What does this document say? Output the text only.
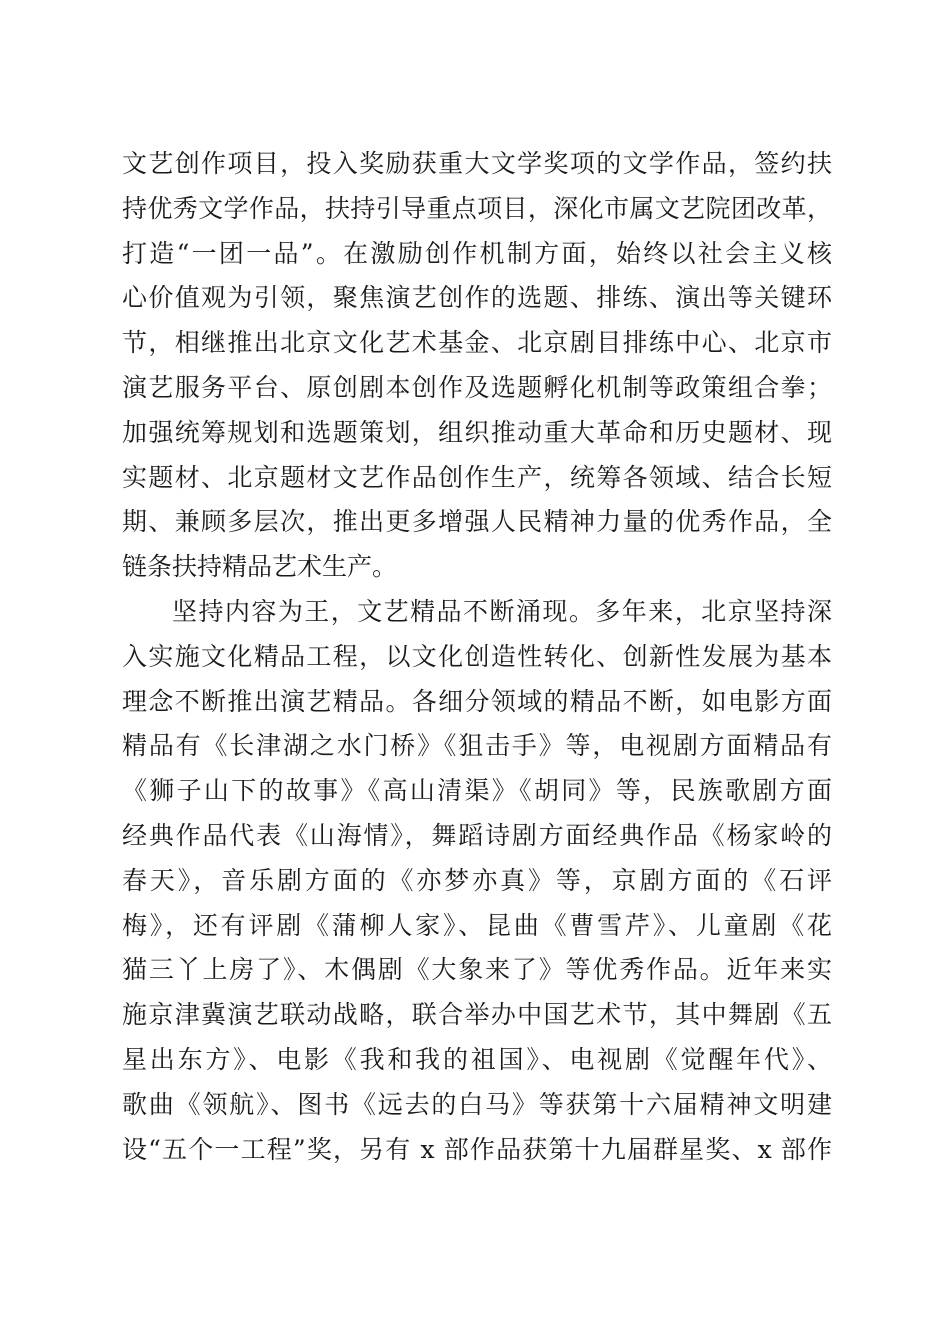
文艺创作项目，投入奖励获重大文学奖项的文学作品，签约扶
持优秀文学作品，扶持引导重点项目，深化市属文艺院团改革，
打造“一团一品”。在激励创作机制方面，始终以社会主义核
心价值观为引领，聚焦演艺创作的选题、排练、演出等关键环
节，相继推出北京文化艺术基金、北京剧目排练中心、北京市
演艺服务平台、原创剧本创作及选题孵化机制等政策组合拳；
加强统筹规划和选题策划，组织推动重大革命和历史题材、现
实题材、北京题材文艺作品创作生产，统筹各领域、结合长短
期、兼顾多层次，推出更多增强人民精神力量的优秀作品，全
链条扶持精品艺术生产。
坚持内容为王，文艺精品不断涌现。多年来，北京坚持深
入实施文化精品工程，以文化创造性转化、创新性发展为基本
理念不断推出演艺精品。各细分领域的精品不断，如电影方面
精品有《长津湖之水门桥》《狙击手》等，电视剧方面精品有
《狮子山下的故事》《高山清渠》《胡同》等，民族歌剧方面
经典作品代表《山海情》，舞蹈诗剧方面经典作品《杨家岭的
春天》，音乐剧方面的《亦梦亦真》等，京剧方面的《石评
梅》，还有评剧《蒲柳人家》、昆曲《曹雪芹》、儿童剧《花
猫三丫上房了》、木偶剧《大象来了》等优秀作品。近年来实
施京津冀演艺联动战略，联合举办中国艺术节，其中舞剧《五
星出东方》、电影《我和我的祖国》、电视剧《觉醒年代》、
歌曲《领航》、图书《远去的白马》等获第十六届精神文明建
设“五个一工程”奖，另有 x 部作品获第十九届群星奖、x 部作
